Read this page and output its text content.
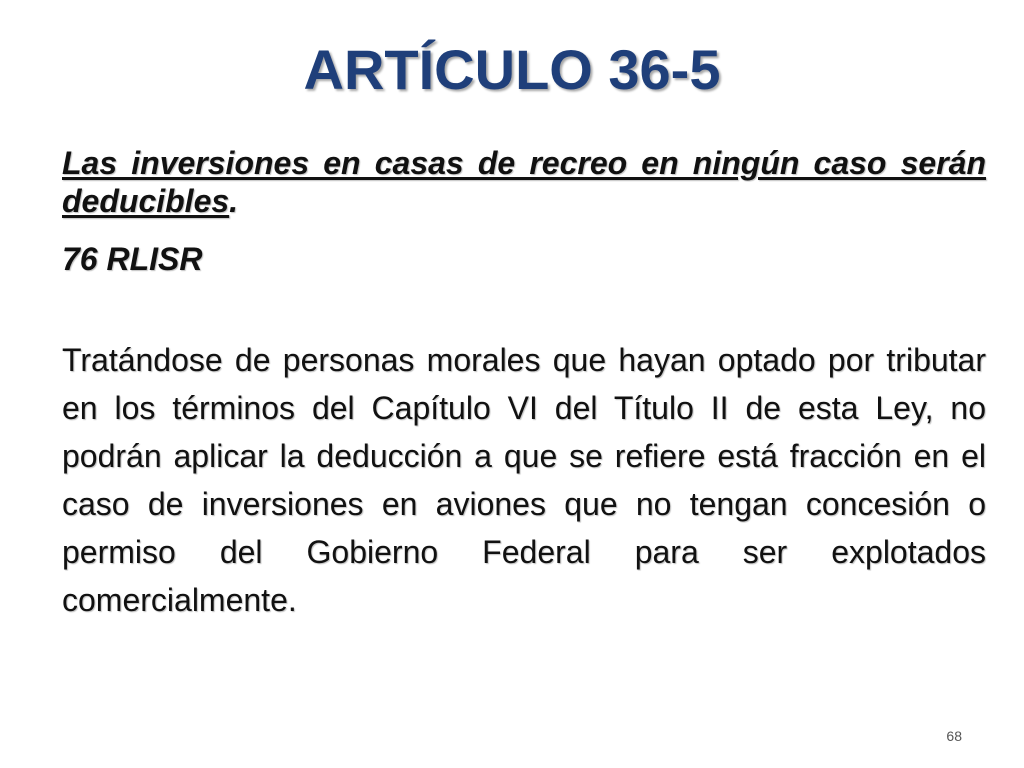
ARTÍCULO 36-5

Las inversiones en casas de recreo en ningún caso serán deducibles.

76 RLISR

Tratándose de personas morales que hayan optado por tributar en los términos del Capítulo VI del Título II de esta Ley, no podrán aplicar la deducción a que se refiere está fracción en el caso de inversiones en aviones que no tengan concesión o permiso del Gobierno Federal para ser explotados comercialmente.

68
